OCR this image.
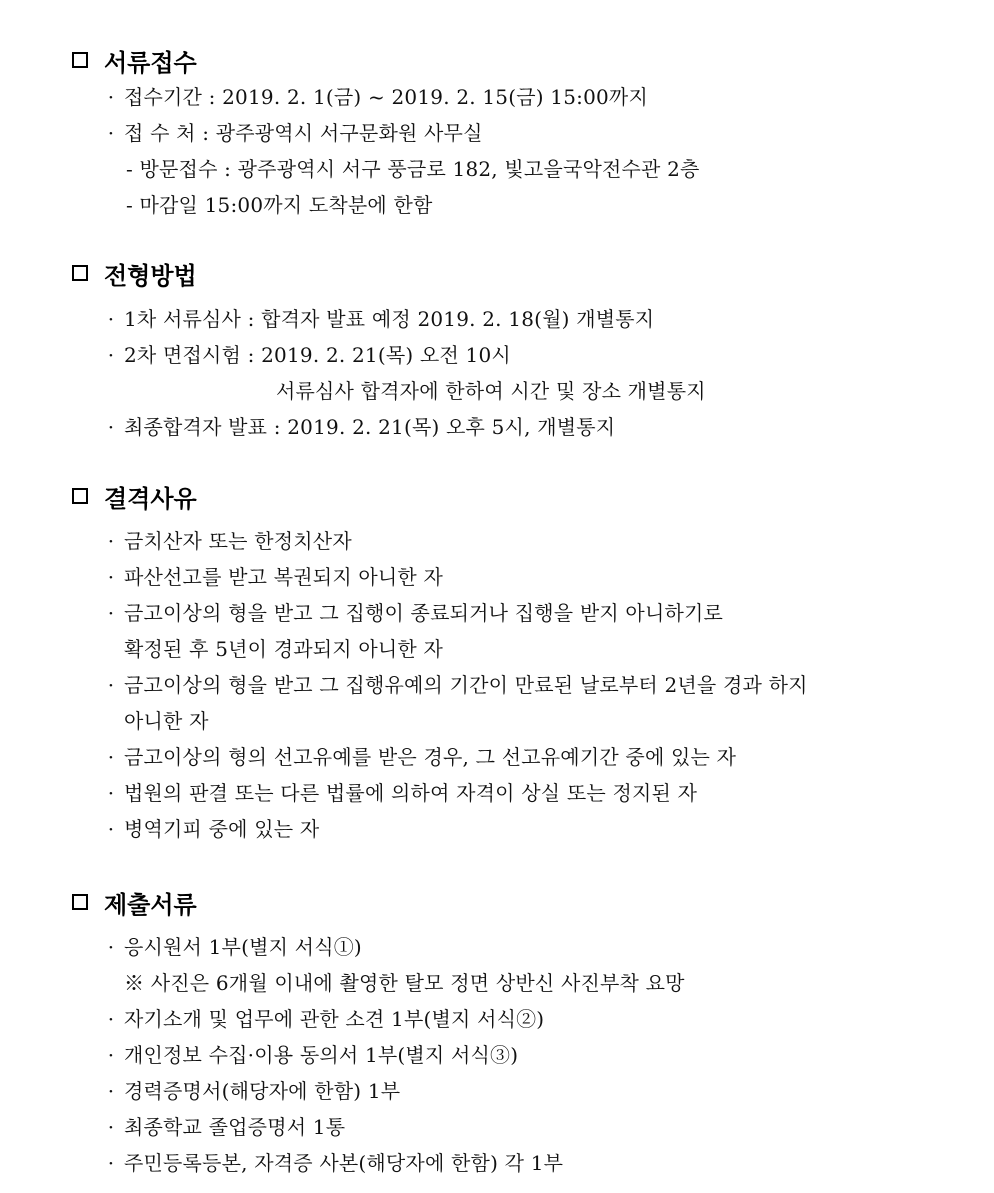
서류접수
· 접수기간 : 2019. 2. 1(금) ~ 2019. 2. 15(금) 15:00까지
· 접 수 처 : 광주광역시 서구문화원 사무실
- 방문접수 : 광주광역시 서구 풍금로 182, 빛고을국악전수관 2층
- 마감일 15:00까지 도착분에 한함
전형방법
· 1차 서류심사 : 합격자 발표 예정 2019. 2. 18(월) 개별통지
· 2차 면접시험 : 2019. 2. 21(목) 오전 10시
서류심사 합격자에 한하여 시간 및 장소 개별통지
· 최종합격자 발표 : 2019. 2. 21(목) 오후 5시, 개별통지
결격사유
· 금치산자 또는 한정치산자
· 파산선고를 받고 복권되지 아니한 자
· 금고이상의 형을 받고 그 집행이 종료되거나 집행을 받지 아니하기로
확정된 후 5년이 경과되지 아니한 자
· 금고이상의 형을 받고 그 집행유예의 기간이 만료된 날로부터 2년을 경과 하지
아니한 자
· 금고이상의 형의 선고유예를 받은 경우, 그 선고유예기간 중에 있는 자
· 법원의 판결 또는 다른 법률에 의하여 자격이 상실 또는 정지된 자
· 병역기피 중에 있는 자
제출서류
· 응시원서 1부(별지 서식①)
※ 사진은 6개월 이내에 촬영한 탈모 정면 상반신 사진부착 요망
· 자기소개 및 업무에 관한 소견 1부(별지 서식②)
· 개인정보 수집·이용 동의서 1부(별지 서식③)
· 경력증명서(해당자에 한함) 1부
· 최종학교 졸업증명서 1통
· 주민등록등본, 자격증 사본(해당자에 한함) 각 1부
